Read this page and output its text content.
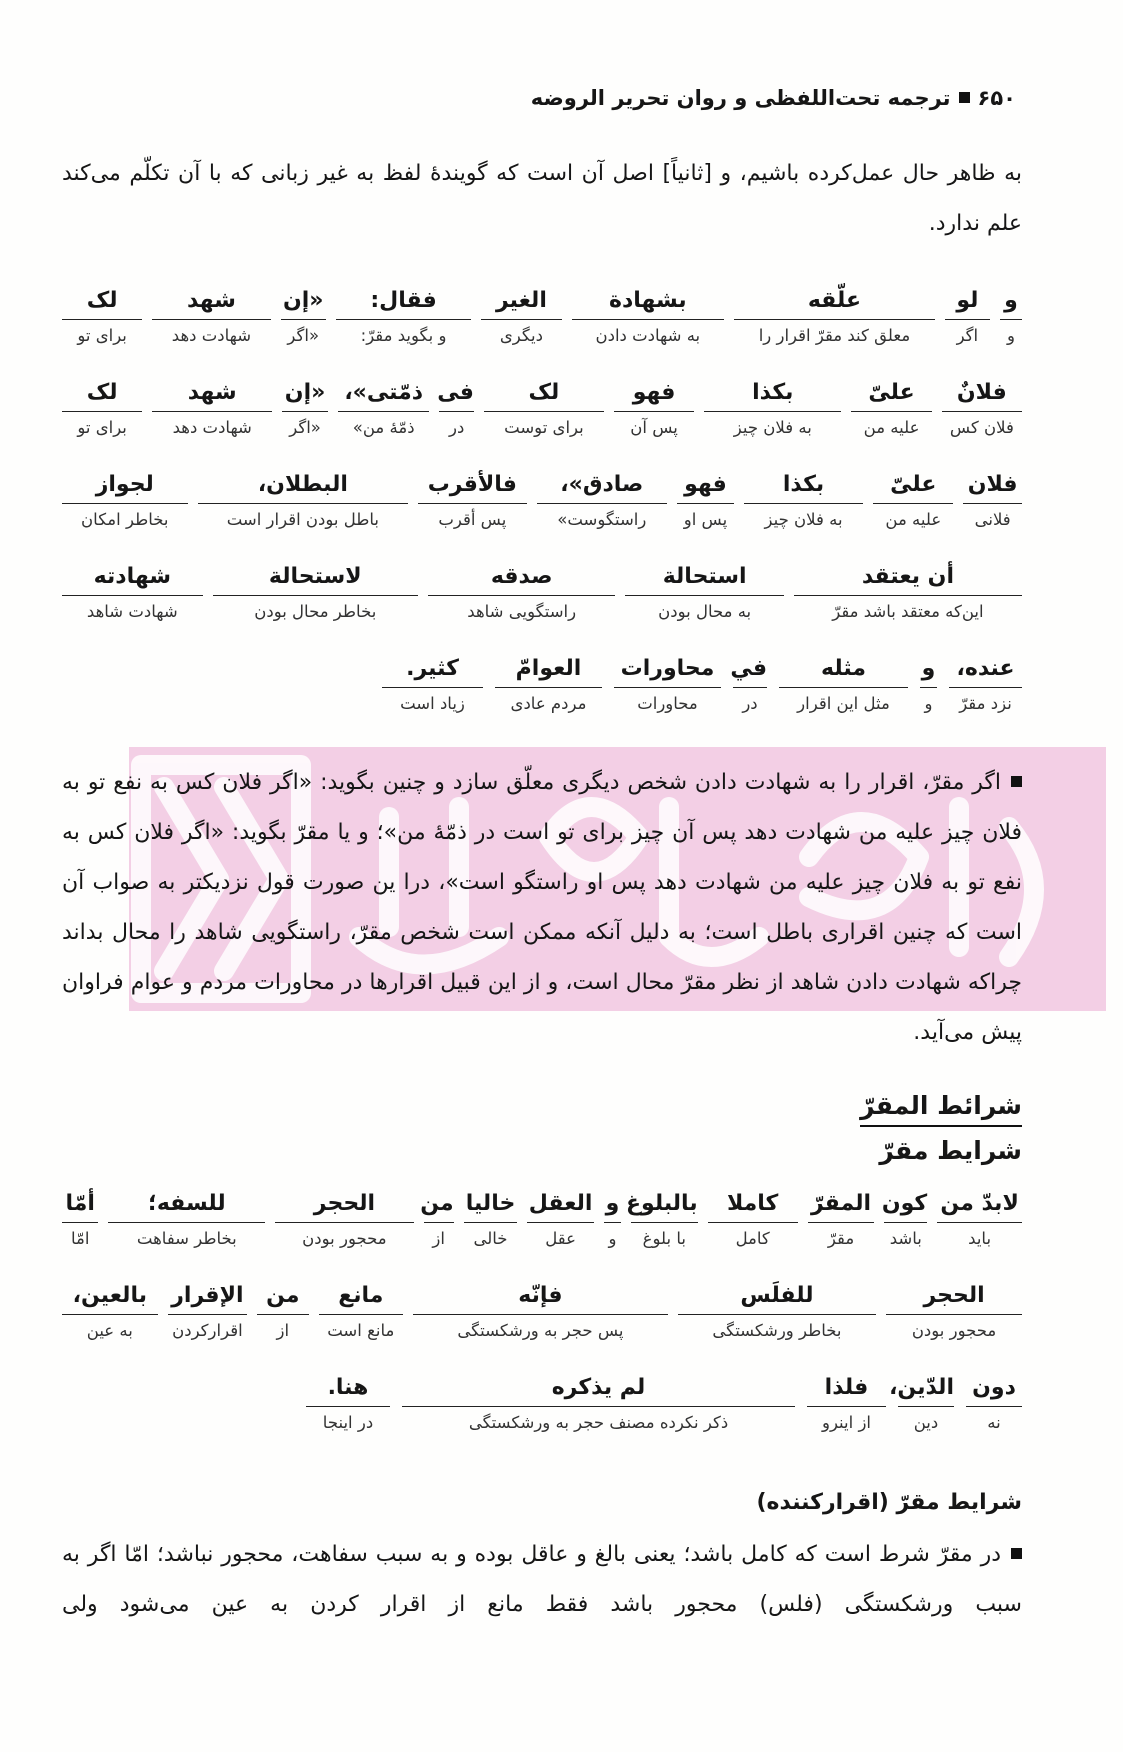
۶۵۰ترجمه تحت‌اللفظی و روان تحریر الروضه

به ظاهر حال عمل‌کرده باشیم، و [ثانیاً] اصل آن است که گویندهٔ لفظ به غیر زبانی که با آن تکلّم می‌کند علم ندارد.

و
و
لو
اگر
علّقه
معلق کند مقرّ اقرار را
بشهادة
به شهادت دادن
الغیر
دیگری
فقال:
و بگوید مقرّ:
«إن
«اگر
شهد
شهادت دهد
لک
برای تو
فلانٌ
فلان کس
علیّ
علیه من
بکذا
به فلان چیز
فهو
پس آن
لک
برای توست
فی
در
ذمّتی»،
ذمّهٔ من»
«إن
«اگر
شهد
شهادت دهد
لک
برای تو
فلان
فلانی
علیّ
علیه من
بکذا
به فلان چیز
فهو
پس او
صادق»،
راستگوست»
فالأقرب
پس أقرب
البطلان،
باطل بودن اقرار است
لجواز
بخاطر امکان
أن يعتقد
این‌که معتقد باشد مقرّ
استحالة
به محال بودن
صدقه
راستگویی شاهد
لاستحالة
بخاطر محال بودن
شهادته
شهادت شاهد
عنده،
نزد مقرّ
و
و
مثله
مثل این اقرار
في
در
محاورات
محاورات
العوامّ
مردم عادی
كثير.
زیاد است

اگر مقرّ، اقرار را به شهادت دادن شخص دیگری معلّق سازد و چنین بگوید: «اگر فلان کس به نفع تو به فلان چیز علیه من شهادت دهد پس آن چیز برای تو است در ذمّهٔ من»؛ و یا مقرّ بگوید: «اگر فلان کس به نفع تو به فلان چیز علیه من شهادت دهد پس او راستگو است»، درا ین صورت قول نزدیکتر به صواب آن است که چنین اقراری باطل است؛ به دلیل آنکه ممکن است شخص مقرّ، راستگویی شاهد را محال بداند چراکه شهادت دادن شاهد از نظر مقرّ محال است، و از این قبیل اقرارها در محاورات مردم و عوام فراوان پیش می‌آید.

شرائط المقرّ
شرایط مقرّ
لابدّ من
باید
کون
باشد
المقرّ
مقرّ
کاملا
کامل
بالبلوغ
با بلوغ
و
و
العقل
عقل
خالیا
خالی
من
از
الحجر
محجور بودن
للسفه؛
بخاطر سفاهت
أمّا
امّا
الحجر
محجور بودن
للفلَس
بخاطر ورشکستگی
فإنّه
پس حجر به ورشکستگی
مانع
مانع است
من
از
الإقرار
اقرارکردن
بالعین،
به عین
دون
نه
الدّین،
دین
فلذا
از اینرو
لم یذکره
ذکر نکرده مصنف حجر به ورشکستگی
هنا.
در اینجا
شرایط مقرّ (اقرارکننده)

در مقرّ شرط است که کامل باشد؛ یعنی بالغ و عاقل بوده و به سبب سفاهت، محجور نباشد؛ امّا اگر به سبب ورشکستگی (فلس) محجور باشد فقط مانع از اقرار کردن به عین می‌شود ولی
